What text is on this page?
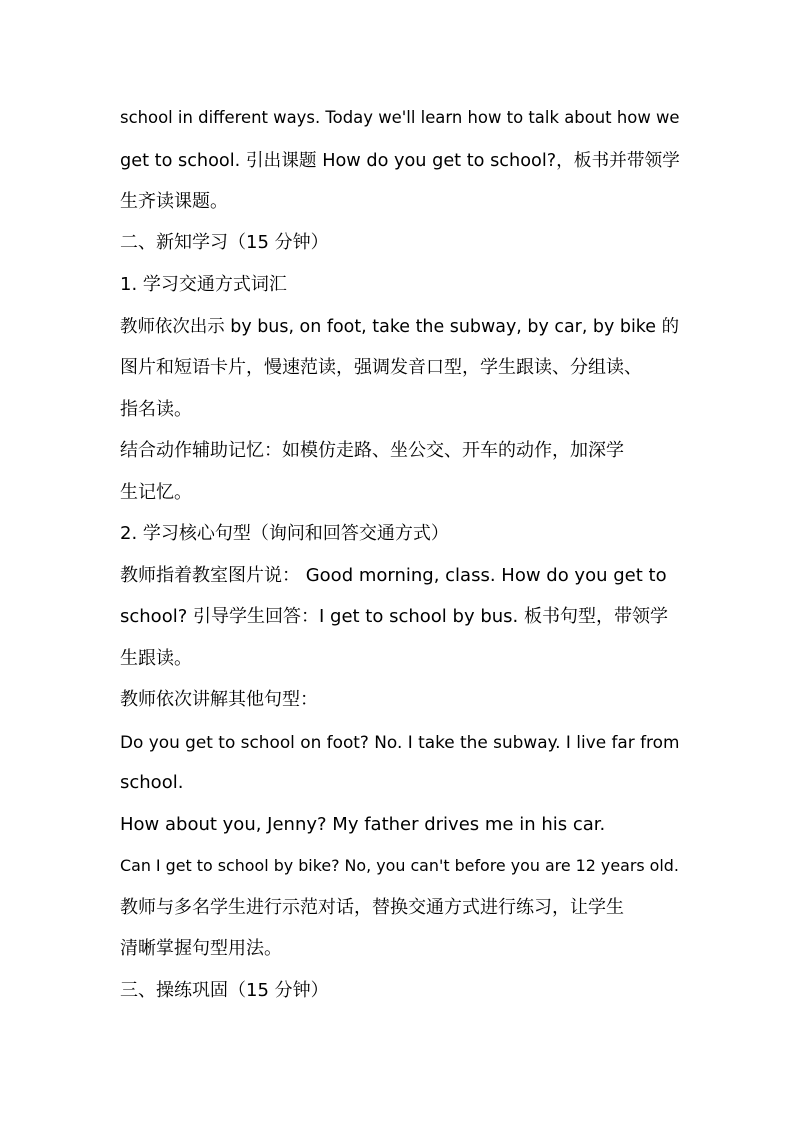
school in different ways. Today we'll learn how to talk about how we
get to school. 引出课题 How do you get to school?，板书并带领学
生齐读课题。
二、新知学习（15 分钟）
1. 学习交通方式词汇
教师依次出示 by bus, on foot, take the subway, by car, by bike 的
图片和短语卡片，慢速范读，强调发音口型，学生跟读、分组读、
指名读。
结合动作辅助记忆：如模仿走路、坐公交、开车的动作，加深学
生记忆。
2. 学习核心句型（询问和回答交通方式）
教师指着教室图片说： Good morning, class. How do you get to
school? 引导学生回答：I get to school by bus. 板书句型，带领学
生跟读。
教师依次讲解其他句型：
Do you get to school on foot? No. I take the subway. I live far from
school.
How about you, Jenny? My father drives me in his car.
Can I get to school by bike? No, you can't before you are 12 years old.
教师与多名学生进行示范对话，替换交通方式进行练习，让学生
清晰掌握句型用法。
三、操练巩固（15 分钟）
